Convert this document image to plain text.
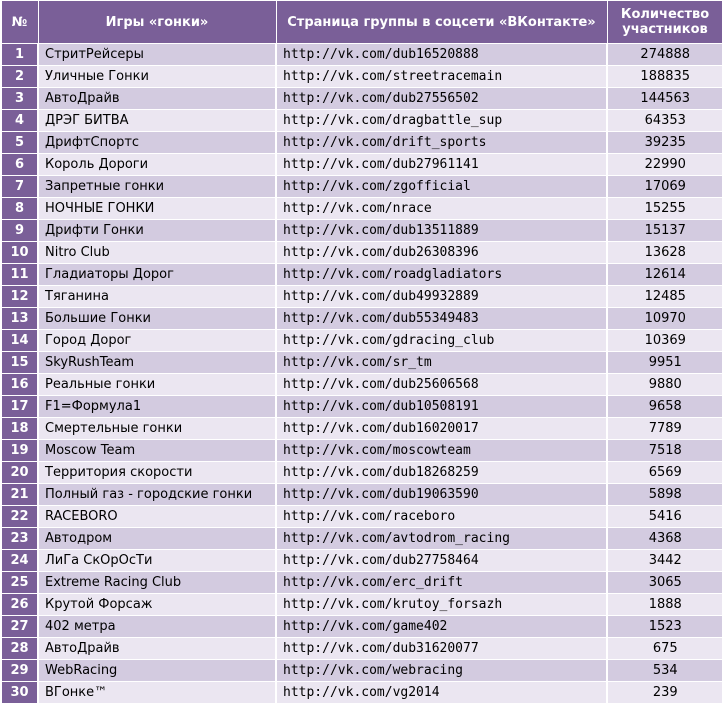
№	Игры «гонки»	Страница группы в соцсети «ВКонтакте»	Количество участников
1	СтритРейсеры	http://vk.com/dub16520888	274888
2	Уличные Гонки	http://vk.com/streetracemain	188835
3	АвтоДрайв	http://vk.com/dub27556502	144563
4	ДРЭГ БИТВА	http://vk.com/dragbattle_sup	64353
5	ДрифтСпортс	http://vk.com/drift_sports	39235
6	Король Дороги	http://vk.com/dub27961141	22990
7	Запретные гонки	http://vk.com/zgofficial	17069
8	НОЧНЫЕ ГОНКИ	http://vk.com/nrace	15255
9	Дрифти Гонки	http://vk.com/dub13511889	15137
10	Nitro Club	http://vk.com/dub26308396	13628
11	Гладиаторы Дорог	http://vk.com/roadgladiators	12614
12	Тяганина	http://vk.com/dub49932889	12485
13	Большие Гонки	http://vk.com/dub55349483	10970
14	Город Дорог	http://vk.com/gdracing_club	10369
15	SkyRushTeam	http://vk.com/sr_tm	9951
16	Реальные гонки	http://vk.com/dub25606568	9880
17	F1=Формула1	http://vk.com/dub10508191	9658
18	Смертельные гонки	http://vk.com/dub16020017	7789
19	Moscow Team	http://vk.com/moscowteam	7518
20	Территория скорости	http://vk.com/dub18268259	6569
21	Полный газ - городские гонки	http://vk.com/dub19063590	5898
22	RACEBORO	http://vk.com/raceboro	5416
23	Автодром	http://vk.com/avtodrom_racing	4368
24	ЛиГа СкОрОсТи	http://vk.com/dub27758464	3442
25	Extreme Racing Club	http://vk.com/erc_drift	3065
26	Крутой Форсаж	http://vk.com/krutoy_forsazh	1888
27	402 метра	http://vk.com/game402	1523
28	АвтоДрайв	http://vk.com/dub31620077	675
29	WebRacing	http://vk.com/webracing	534
30	ВГонке™	http://vk.com/vg2014	239
